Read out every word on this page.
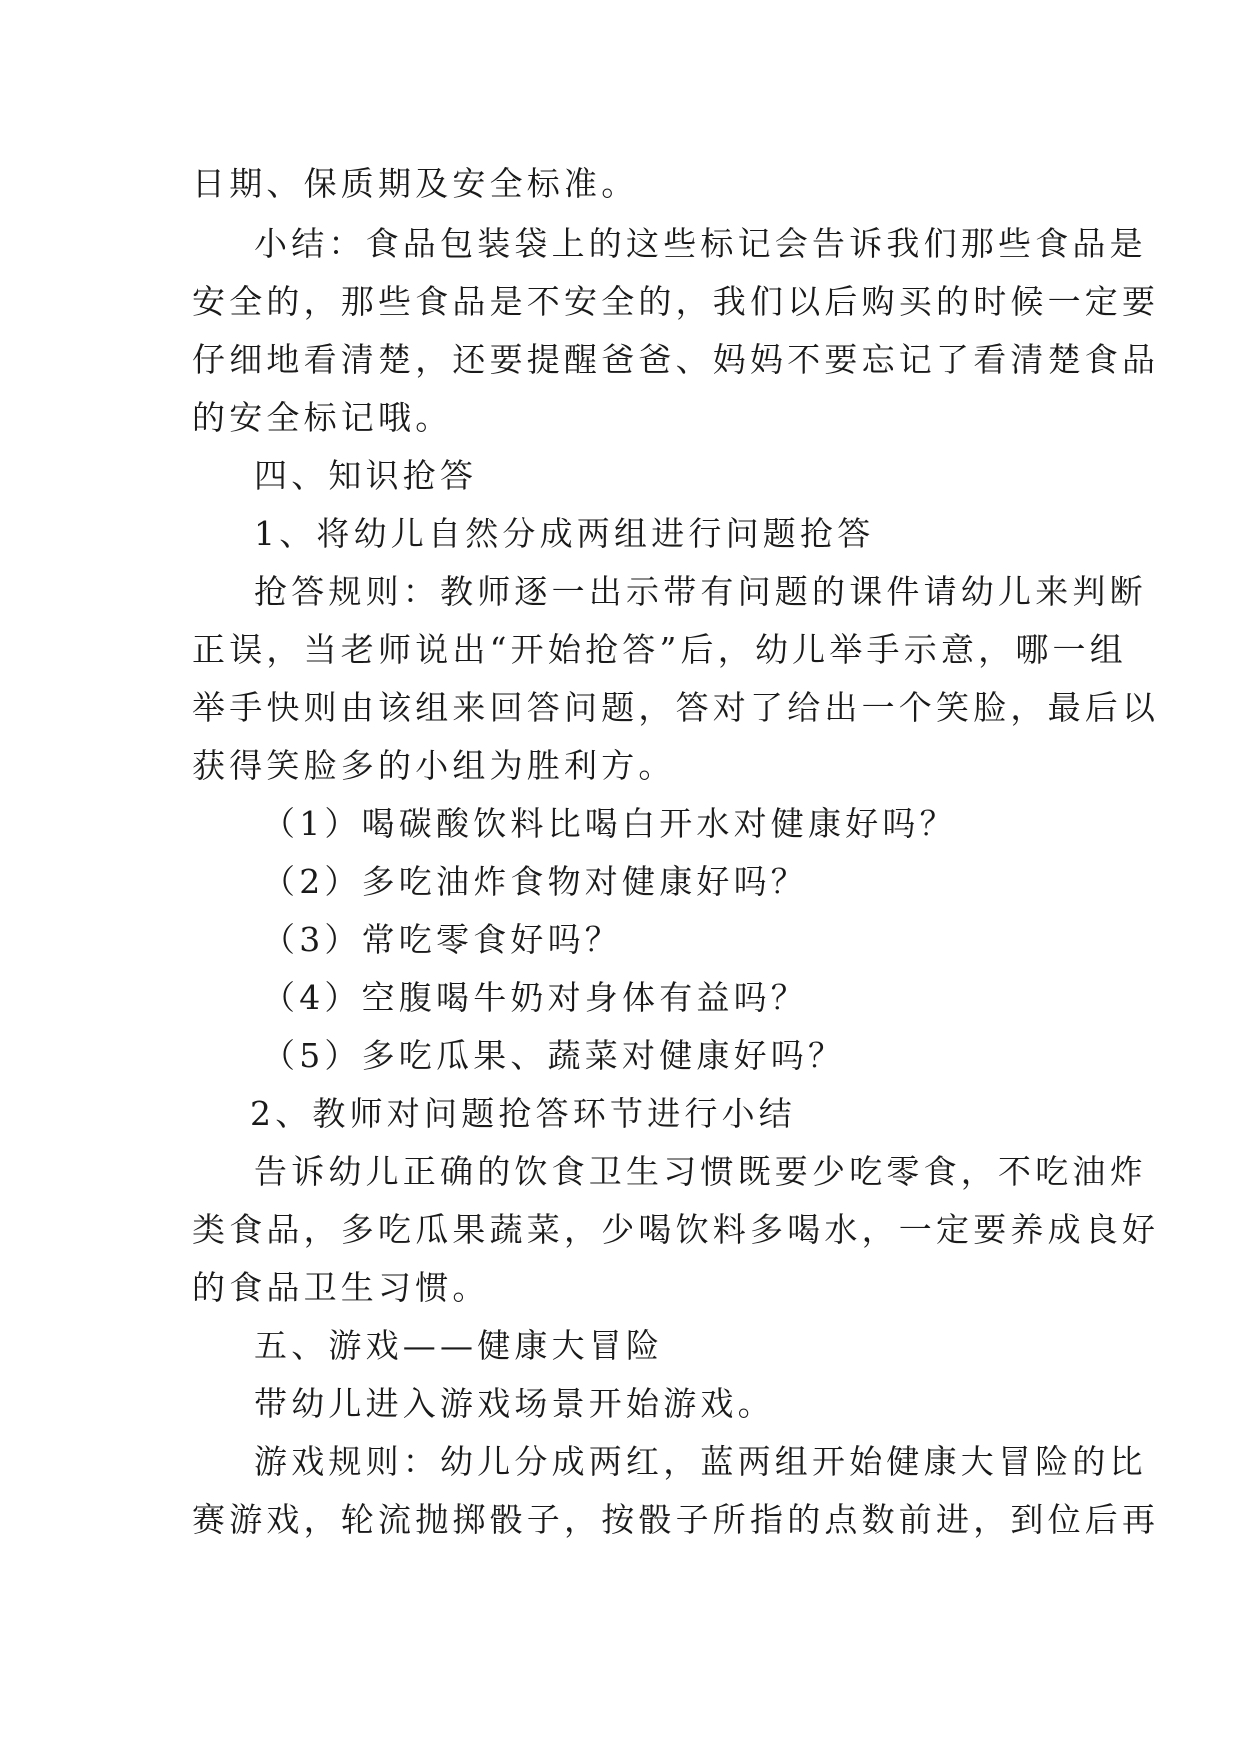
日期、保质期及安全标准。
小结：食品包装袋上的这些标记会告诉我们那些食品是
安全的，那些食品是不安全的，我们以后购买的时候一定要
仔细地看清楚，还要提醒爸爸、妈妈不要忘记了看清楚食品
的安全标记哦。
四、知识抢答
1、将幼儿自然分成两组进行问题抢答
抢答规则：教师逐一出示带有问题的课件请幼儿来判断
正误，当老师说出“开始抢答”后，幼儿举手示意，哪一组
举手快则由该组来回答问题，答对了给出一个笑脸，最后以
获得笑脸多的小组为胜利方。
（1）喝碳酸饮料比喝白开水对健康好吗？
（2）多吃油炸食物对健康好吗？
（3）常吃零食好吗？
（4）空腹喝牛奶对身体有益吗？
（5）多吃瓜果、蔬菜对健康好吗？
2、教师对问题抢答环节进行小结
告诉幼儿正确的饮食卫生习惯既要少吃零食，不吃油炸
类食品，多吃瓜果蔬菜，少喝饮料多喝水，一定要养成良好
的食品卫生习惯。
五、游戏——健康大冒险
带幼儿进入游戏场景开始游戏。
游戏规则：幼儿分成两红，蓝两组开始健康大冒险的比
赛游戏，轮流抛掷骰子，按骰子所指的点数前进，到位后再
